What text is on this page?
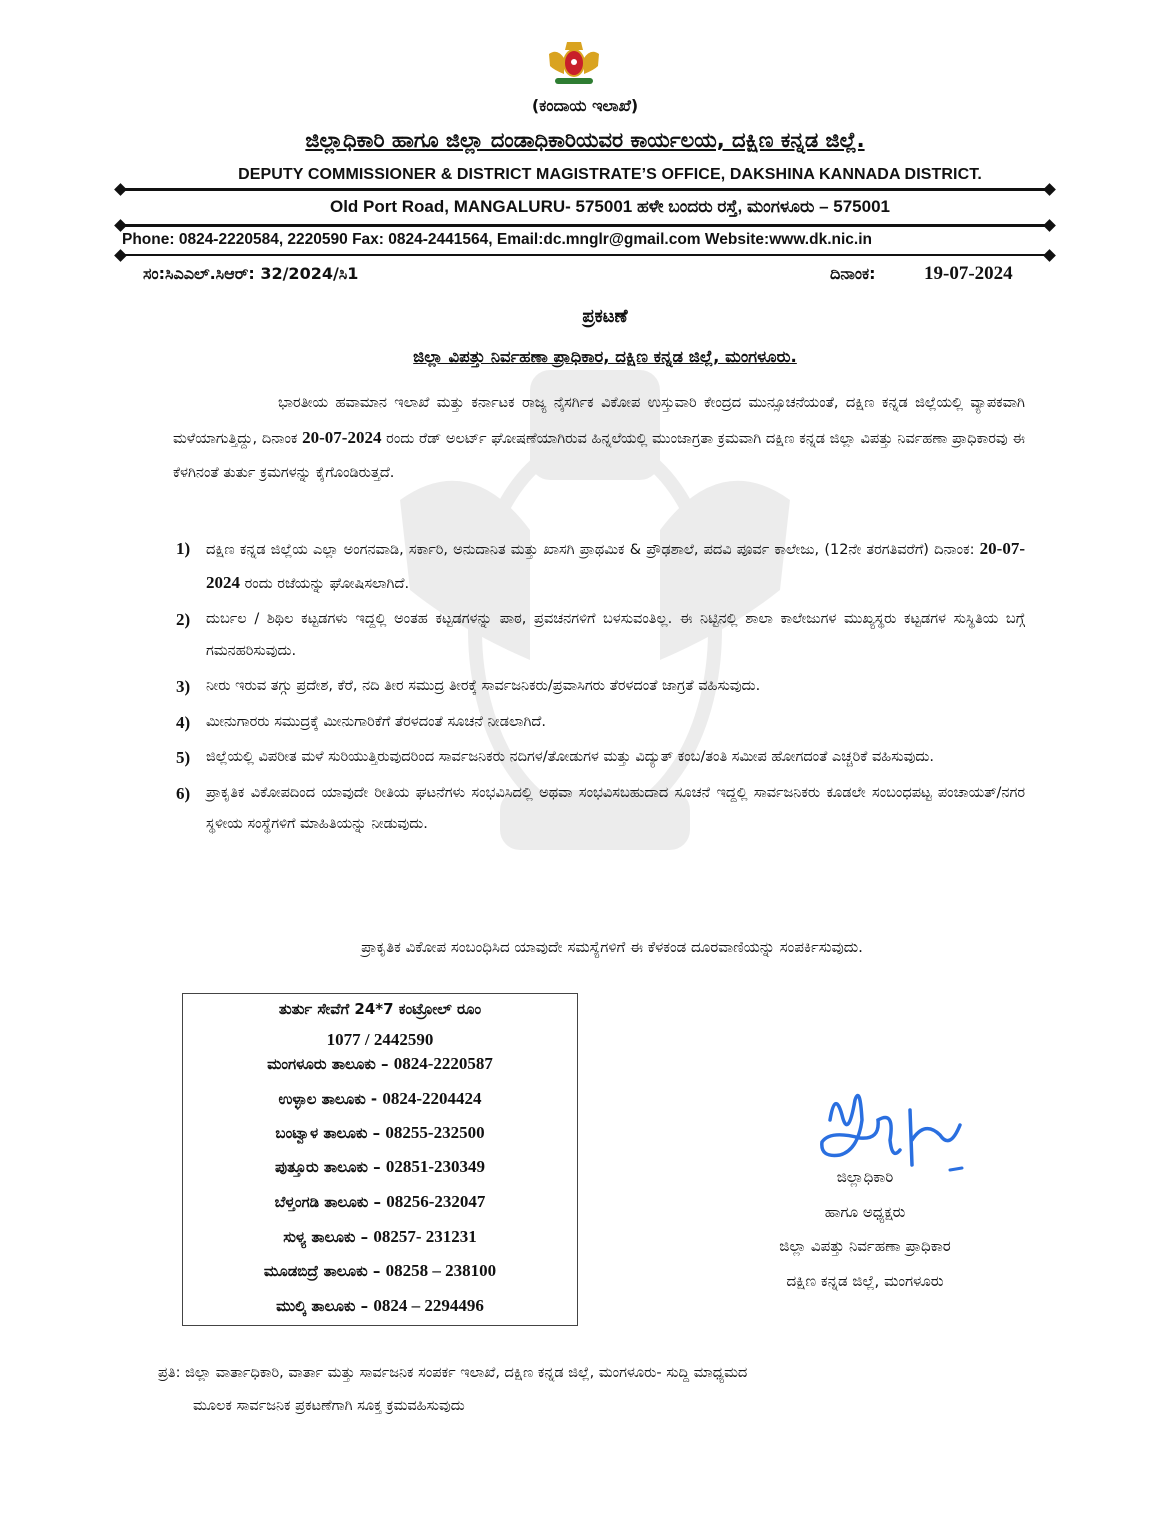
(ಕಂದಾಯ ಇಲಾಖೆ)
ಜಿಲ್ಲಾಧಿಕಾರಿ ಹಾಗೂ ಜಿಲ್ಲಾ ದಂಡಾಧಿಕಾರಿಯವರ ಕಾರ್ಯಲಯ, ದಕ್ಷಿಣ ಕನ್ನಡ ಜಿಲ್ಲೆ.
DEPUTY COMMISSIONER & DISTRICT MAGISTRATE’S OFFICE, DAKSHINA KANNADA DISTRICT.
Old Port Road, MANGALURU- 575001 ಹಳೇ ಬಂದರು ರಸ್ತೆ, ಮಂಗಳೂರು – 575001
Phone: 0824-2220584, 2220590 Fax: 0824-2441564, Email:dc.mnglr@gmail.com Website:www.dk.nic.in
ಸಂ:ಸಿಎಎಲ್.ಸಿಆರ್: 32/2024/ಸಿ1	ದಿನಾಂಕ:	19-07-2024
ಪ್ರಕಟಣೆ
ಜಿಲ್ಲಾ ವಿಪತ್ತು ನಿರ್ವಹಣಾ ಪ್ರಾಧಿಕಾರ, ದಕ್ಷಿಣ ಕನ್ನಡ ಜಿಲ್ಲೆ, ಮಂಗಳೂರು.
ಭಾರತೀಯ ಹವಾಮಾನ ಇಲಾಖೆ ಮತ್ತು ಕರ್ನಾಟಕ ರಾಜ್ಯ ನೈಸರ್ಗಿಕ ವಿಕೋಪ ಉಸ್ತುವಾರಿ ಕೇಂದ್ರದ ಮುನ್ಸೂಚನೆಯಂತೆ, ದಕ್ಷಿಣ ಕನ್ನಡ ಜಿಲ್ಲೆಯಲ್ಲಿ ವ್ಯಾಪಕವಾಗಿ ಮಳೆಯಾಗುತ್ತಿದ್ದು, ದಿನಾಂಕ 20-07-2024 ರಂದು ರೆಡ್ ಅಲರ್ಟ್ ಘೋಷಣೆಯಾಗಿರುವ ಹಿನ್ನಲೆಯಲ್ಲಿ ಮುಂಜಾಗ್ರತಾ ಕ್ರಮವಾಗಿ ದಕ್ಷಿಣ ಕನ್ನಡ ಜಿಲ್ಲಾ ವಿಪತ್ತು ನಿರ್ವಹಣಾ ಪ್ರಾಧಿಕಾರವು ಈ ಕೆಳಗಿನಂತೆ ತುರ್ತು ಕ್ರಮಗಳನ್ನು ಕೈಗೊಂಡಿರುತ್ತದೆ.
1) ದಕ್ಷಿಣ ಕನ್ನಡ ಜಿಲ್ಲೆಯ ಎಲ್ಲಾ ಅಂಗನವಾಡಿ, ಸರ್ಕಾರಿ, ಅನುದಾನಿತ ಮತ್ತು ಖಾಸಗಿ ಪ್ರಾಥಮಿಕ & ಪ್ರೌಢಶಾಲೆ, ಪದವಿ ಪೂರ್ವ ಕಾಲೇಜು, (12ನೇ ತರಗತಿವರೆಗೆ) ದಿನಾಂಕ: 20-07-2024 ರಂದು ರಜೆಯನ್ನು ಘೋಷಿಸಲಾಗಿದೆ.
2) ದುರ್ಬಲ / ಶಿಥಿಲ ಕಟ್ಟಡಗಳು ಇದ್ದಲ್ಲಿ ಅಂತಹ ಕಟ್ಟಡಗಳನ್ನು ಪಾಠ, ಪ್ರವಚನಗಳಿಗೆ ಬಳಸುವಂತಿಲ್ಲ. ಈ ನಿಟ್ಟಿನಲ್ಲಿ ಶಾಲಾ ಕಾಲೇಜುಗಳ ಮುಖ್ಯಸ್ಥರು ಕಟ್ಟಡಗಳ ಸುಸ್ಥಿತಿಯ ಬಗ್ಗೆ ಗಮನಹರಿಸುವುದು.
3) ನೀರು ಇರುವ ತಗ್ಗು ಪ್ರದೇಶ, ಕೆರೆ, ನದಿ ತೀರ ಸಮುದ್ರ ತೀರಕ್ಕೆ ಸಾರ್ವಜನಿಕರು/ಪ್ರವಾಸಿಗರು ತೆರಳದಂತೆ ಜಾಗ್ರತೆ ವಹಿಸುವುದು.
4) ಮೀನುಗಾರರು ಸಮುದ್ರಕ್ಕೆ ಮೀನುಗಾರಿಕೆಗೆ ತೆರಳದಂತೆ ಸೂಚನೆ ನೀಡಲಾಗಿದೆ.
5) ಜಿಲ್ಲೆಯಲ್ಲಿ ವಿಪರೀತ ಮಳೆ ಸುರಿಯುತ್ತಿರುವುದರಿಂದ ಸಾರ್ವಜನಿಕರು ನದಿಗಳ/ತೋಡುಗಳ ಮತ್ತು ವಿದ್ಯುತ್ ಕಂಬ/ತಂತಿ ಸಮೀಪ ಹೋಗದಂತೆ ಎಚ್ಚರಿಕೆ ವಹಿಸುವುದು.
6) ಪ್ರಾಕೃತಿಕ ವಿಕೋಪದಿಂದ ಯಾವುದೇ ರೀತಿಯ ಘಟನೆಗಳು ಸಂಭವಿಸಿದಲ್ಲಿ ಅಥವಾ ಸಂಭವಿಸಬಹುದಾದ ಸೂಚನೆ ಇದ್ದಲ್ಲಿ ಸಾರ್ವಜನಿಕರು ಕೂಡಲೇ ಸಂಬಂಧಪಟ್ಟ ಪಂಚಾಯತ್/ನಗರ ಸ್ಥಳೀಯ ಸಂಸ್ಥೆಗಳಿಗೆ ಮಾಹಿತಿಯನ್ನು ನೀಡುವುದು.
ಪ್ರಾಕೃತಿಕ ವಿಕೋಪ ಸಂಬಂಧಿಸಿದ ಯಾವುದೇ ಸಮಸ್ಯೆಗಳಿಗೆ ಈ ಕೆಳಕಂಡ ದೂರವಾಣಿಯನ್ನು ಸಂಪರ್ಕಿಸುವುದು.
ತುರ್ತು ಸೇವೆಗೆ 24*7 ಕಂಟ್ರೋಲ್ ರೂಂ
1077 / 2442590
ಮಂಗಳೂರು ತಾಲೂಕು – 0824-2220587
ಉಳ್ಳಾಲ ತಾಲೂಕು - 0824-2204424
ಬಂಟ್ವಾಳ ತಾಲೂಕು – 08255-232500
ಪುತ್ತೂರು ತಾಲೂಕು – 02851-230349
ಬೆಳ್ತಂಗಡಿ ತಾಲೂಕು – 08256-232047
ಸುಳ್ಯ ತಾಲೂಕು – 08257- 231231
ಮೂಡಬಿದ್ರೆ ತಾಲೂಕು – 08258 – 238100
ಮುಲ್ಕಿ ತಾಲೂಕು – 0824 – 2294496
ಜಿಲ್ಲಾಧಿಕಾರಿ
ಹಾಗೂ ಅಧ್ಯಕ್ಷರು
ಜಿಲ್ಲಾ ವಿಪತ್ತು ನಿರ್ವಹಣಾ ಪ್ರಾಧಿಕಾರ
ದಕ್ಷಿಣ ಕನ್ನಡ ಜಿಲ್ಲೆ, ಮಂಗಳೂರು
ಪ್ರತಿ: ಜಿಲ್ಲಾ ವಾರ್ತಾಧಿಕಾರಿ, ವಾರ್ತಾ ಮತ್ತು ಸಾರ್ವಜನಿಕ ಸಂಪರ್ಕ ಇಲಾಖೆ, ದಕ್ಷಿಣ ಕನ್ನಡ ಜಿಲ್ಲೆ, ಮಂಗಳೂರು- ಸುದ್ದಿ ಮಾಧ್ಯಮದ
ಮೂಲಕ ಸಾರ್ವಜನಿಕ ಪ್ರಕಟಣೆಗಾಗಿ ಸೂಕ್ತ ಕ್ರಮವಹಿಸುವುದು
